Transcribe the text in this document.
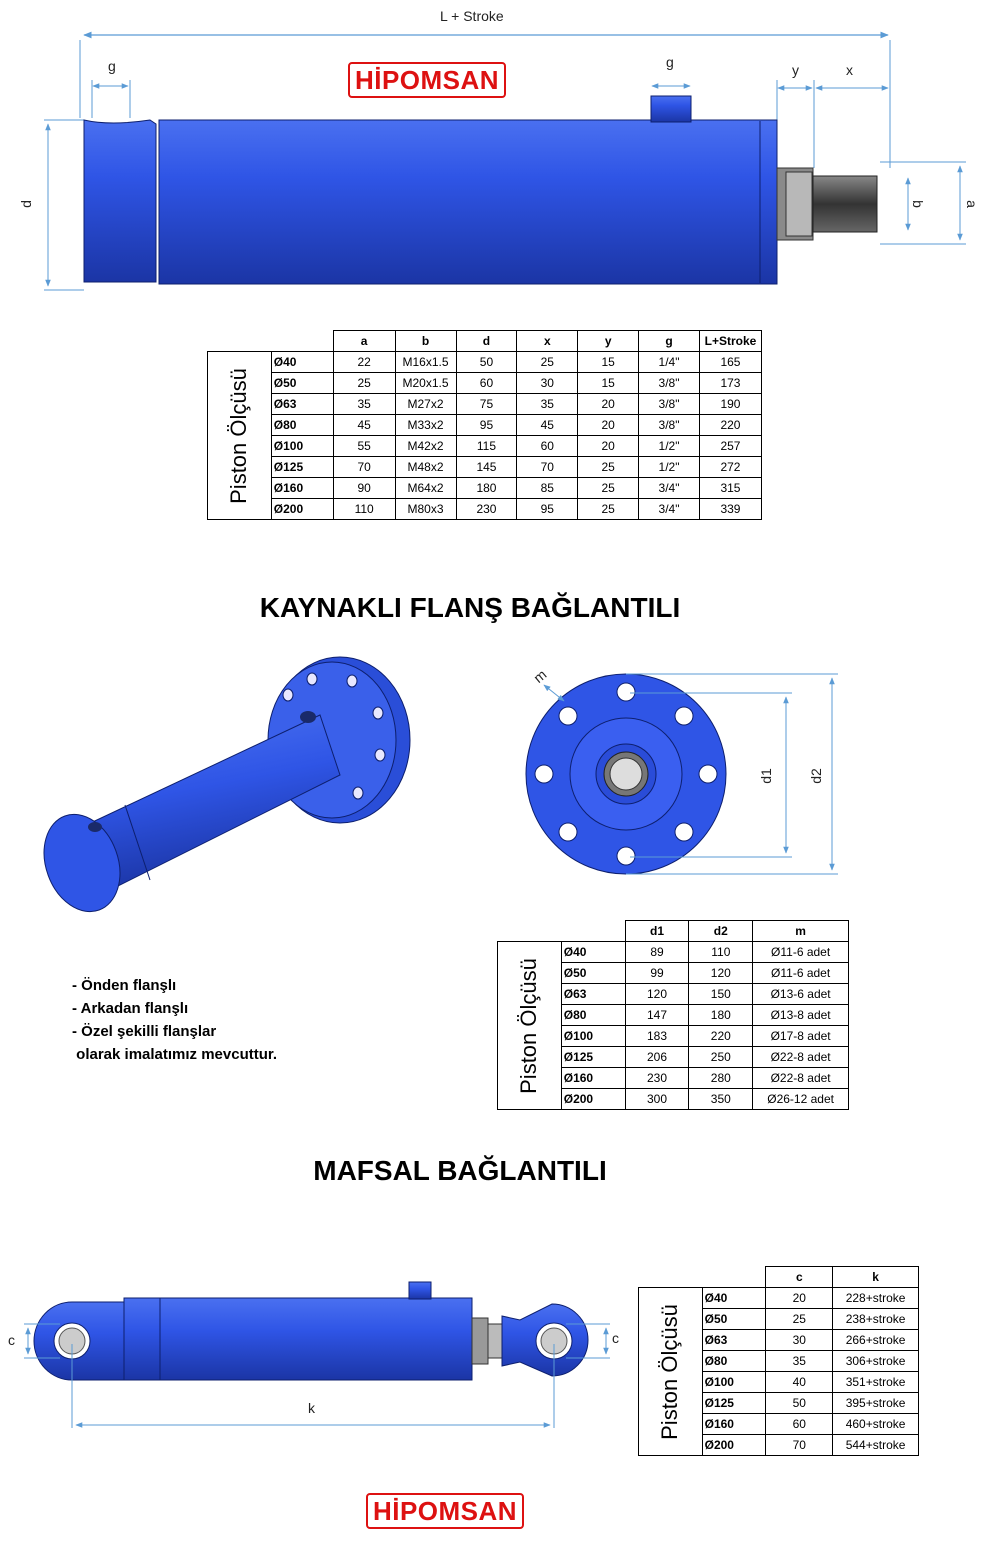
L + Stroke
g	g	y	x
d	b	a
HİPOMSAN
		a	b	d	x	y	g	L+Stroke

Piston Ölçüsü	Ø40	22	M16x1.5	50	25	15	1/4"	165
	Ø50	25	M20x1.5	60	30	15	3/8"	173
	Ø63	35	M27x2	75	35	20	3/8"	190
	Ø80	45	M33x2	95	45	20	3/8"	220
	Ø100	55	M42x2	115	60	20	1/2"	257
	Ø125	70	M48x2	145	70	25	1/2"	272
	Ø160	90	M64x2	180	85	25	3/4"	315
	Ø200	110	M80x3	230	95	25	3/4"	339
KAYNAKLI FLANŞ BAĞLANTILI
m
d1 d2
- Önden flanşlı
- Arkadan flanşlı
- Özel şekilli flanşlar
olarak imalatımız mevcuttur.
		d1	d2	m

Piston Ölçüsü	Ø40	89	110	Ø11-6 adet
	Ø50	99	120	Ø11-6 adet
	Ø63	120	150	Ø13-6 adet
	Ø80	147	180	Ø13-8 adet
	Ø100	183	220	Ø17-8 adet
	Ø125	206	250	Ø22-8 adet
	Ø160	230	280	Ø22-8 adet
	Ø200	300	350	Ø26-12 adet
MAFSAL BAĞLANTILI
c	c
k
		c	k

Piston Ölçüsü	Ø40	20	228+stroke
	Ø50	25	238+stroke
	Ø63	30	266+stroke
	Ø80	35	306+stroke
	Ø100	40	351+stroke
	Ø125	50	395+stroke
	Ø160	60	460+stroke
	Ø200	70	544+stroke
HİPOMSAN
